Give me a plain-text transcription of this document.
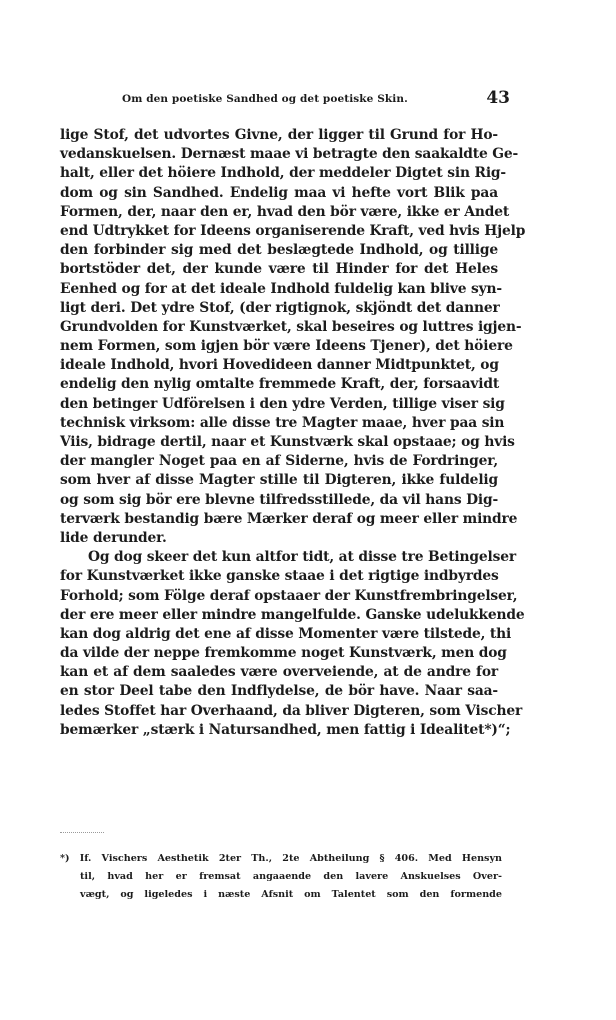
Om den poetiske Sandhed og det poetiske Skin.	43
lige Stof, det udvortes Givne, der ligger til Grund for Ho-
vedanskuelsen. Dernæst maae vi betragte den saakaldte Ge-
halt, eller det höiere Indhold, der meddeler Digtet sin Rig-
dom og sin Sandhed. Endelig maa vi hefte vort Blik paa
Formen, der, naar den er, hvad den bör være, ikke er Andet
end Udtrykket for Ideens organiserende Kraft, ved hvis Hjelp
den forbinder sig med det beslægtede Indhold, og tillige
bortstöder det, der kunde være til Hinder for det Heles
Eenhed og for at det ideale Indhold fuldelig kan blive syn-
ligt deri. Det ydre Stof, (der rigtignok, skjöndt det danner
Grundvolden for Kunstværket, skal beseires og luttres igjen-
nem Formen, som igjen bör være Ideens Tjener), det höiere
ideale Indhold, hvori Hovedideen danner Midtpunktet, og
endelig den nylig omtalte fremmede Kraft, der, forsaavidt
den betinger Udförelsen i den ydre Verden, tillige viser sig
technisk virksom: alle disse tre Magter maae, hver paa sin
Viis, bidrage dertil, naar et Kunstværk skal opstaae; og hvis
der mangler Noget paa en af Siderne, hvis de Fordringer,
som hver af disse Magter stille til Digteren, ikke fuldelig
og som sig bör ere blevne tilfredsstillede, da vil hans Dig-
terværk bestandig bære Mærker deraf og meer eller mindre
lide derunder.
Og dog skeer det kun altfor tidt, at disse tre Betingelser
for Kunstværket ikke ganske staae i det rigtige indbyrdes
Forhold; som Fölge deraf opstaaer der Kunstfrembringelser,
der ere meer eller mindre mangelfulde. Ganske udelukkende
kan dog aldrig det ene af disse Momenter være tilstede, thi
da vilde der neppe fremkomme noget Kunstværk, men dog
kan et af dem saaledes være overveiende, at de andre for
en stor Deel tabe den Indflydelse, de bör have. Naar saa-
ledes Stoffet har Overhaand, da bliver Digteren, som Vischer
bemærker „stærk i Natursandhed, men fattig i Idealitet*)“;
*) If. Vischers Aesthetik 2ter Th., 2te Abtheilung § 406. Med Hensyn
til, hvad her er fremsat angaaende den lavere Anskuelses Over-
vægt, og ligeledes i næste Afsnit om Talentet som den formende
